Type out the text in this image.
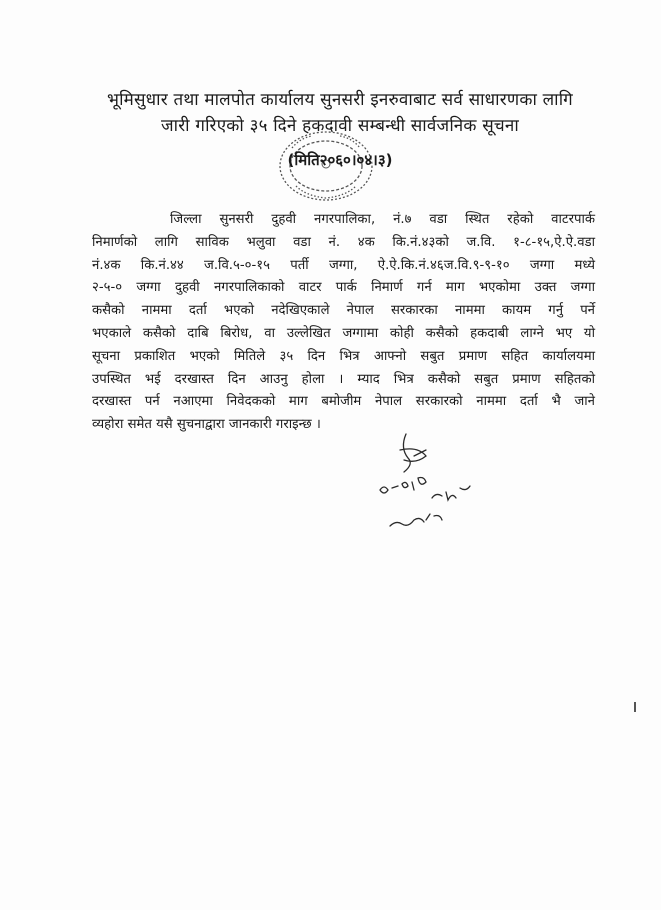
भूमिसुधार तथा मालपोत कार्यालय सुनसरी इनरुवाबाट सर्व साधारणका लागि
जारी गरिएको ३५ दिने हकदावी सम्बन्धी सार्वजनिक सूचना
(मिति२०६०।०४।३)
जिल्ला सुनसरी दुहवी नगरपालिका, नं.७ वडा स्थित रहेको वाटरपार्क
निमार्णको लागि साविक भलुवा वडा नं. ४क कि.नं.४३को ज.वि. १-८-१५,ऐ.ऐ.वडा
नं.४क कि.नं.४४ ज.वि.५-०-१५ पर्ती जग्गा, ऐ.ऐ.कि.नं.४६ज.वि.९-९-१० जग्गा मध्ये
२-५-० जग्गा दुहवी नगरपालिकाको वाटर पार्क निमार्ण गर्न माग भएकोमा उक्त जग्गा
कसैको नाममा दर्ता भएको नदेखिएकाले नेपाल सरकारका नाममा कायम गर्नु पर्ने
भएकाले कसैको दाबि बिरोध, वा उल्लेखित जग्गामा कोही कसैको हकदाबी लाग्ने भए यो
सूचना प्रकाशित भएको मितिले ३५ दिन भित्र आफ्नो सबुत प्रमाण सहित कार्यालयमा
उपस्थित भई दरखास्त दिन आउनु होला । म्याद भित्र कसैको सबुत प्रमाण सहितको
दरखास्त पर्न नआएमा निवेदकको माग बमोजीम नेपाल सरकारको नाममा दर्ता भै जाने
व्यहोरा समेत यसै सुचनाद्वारा जानकारी गराइन्छ ।
